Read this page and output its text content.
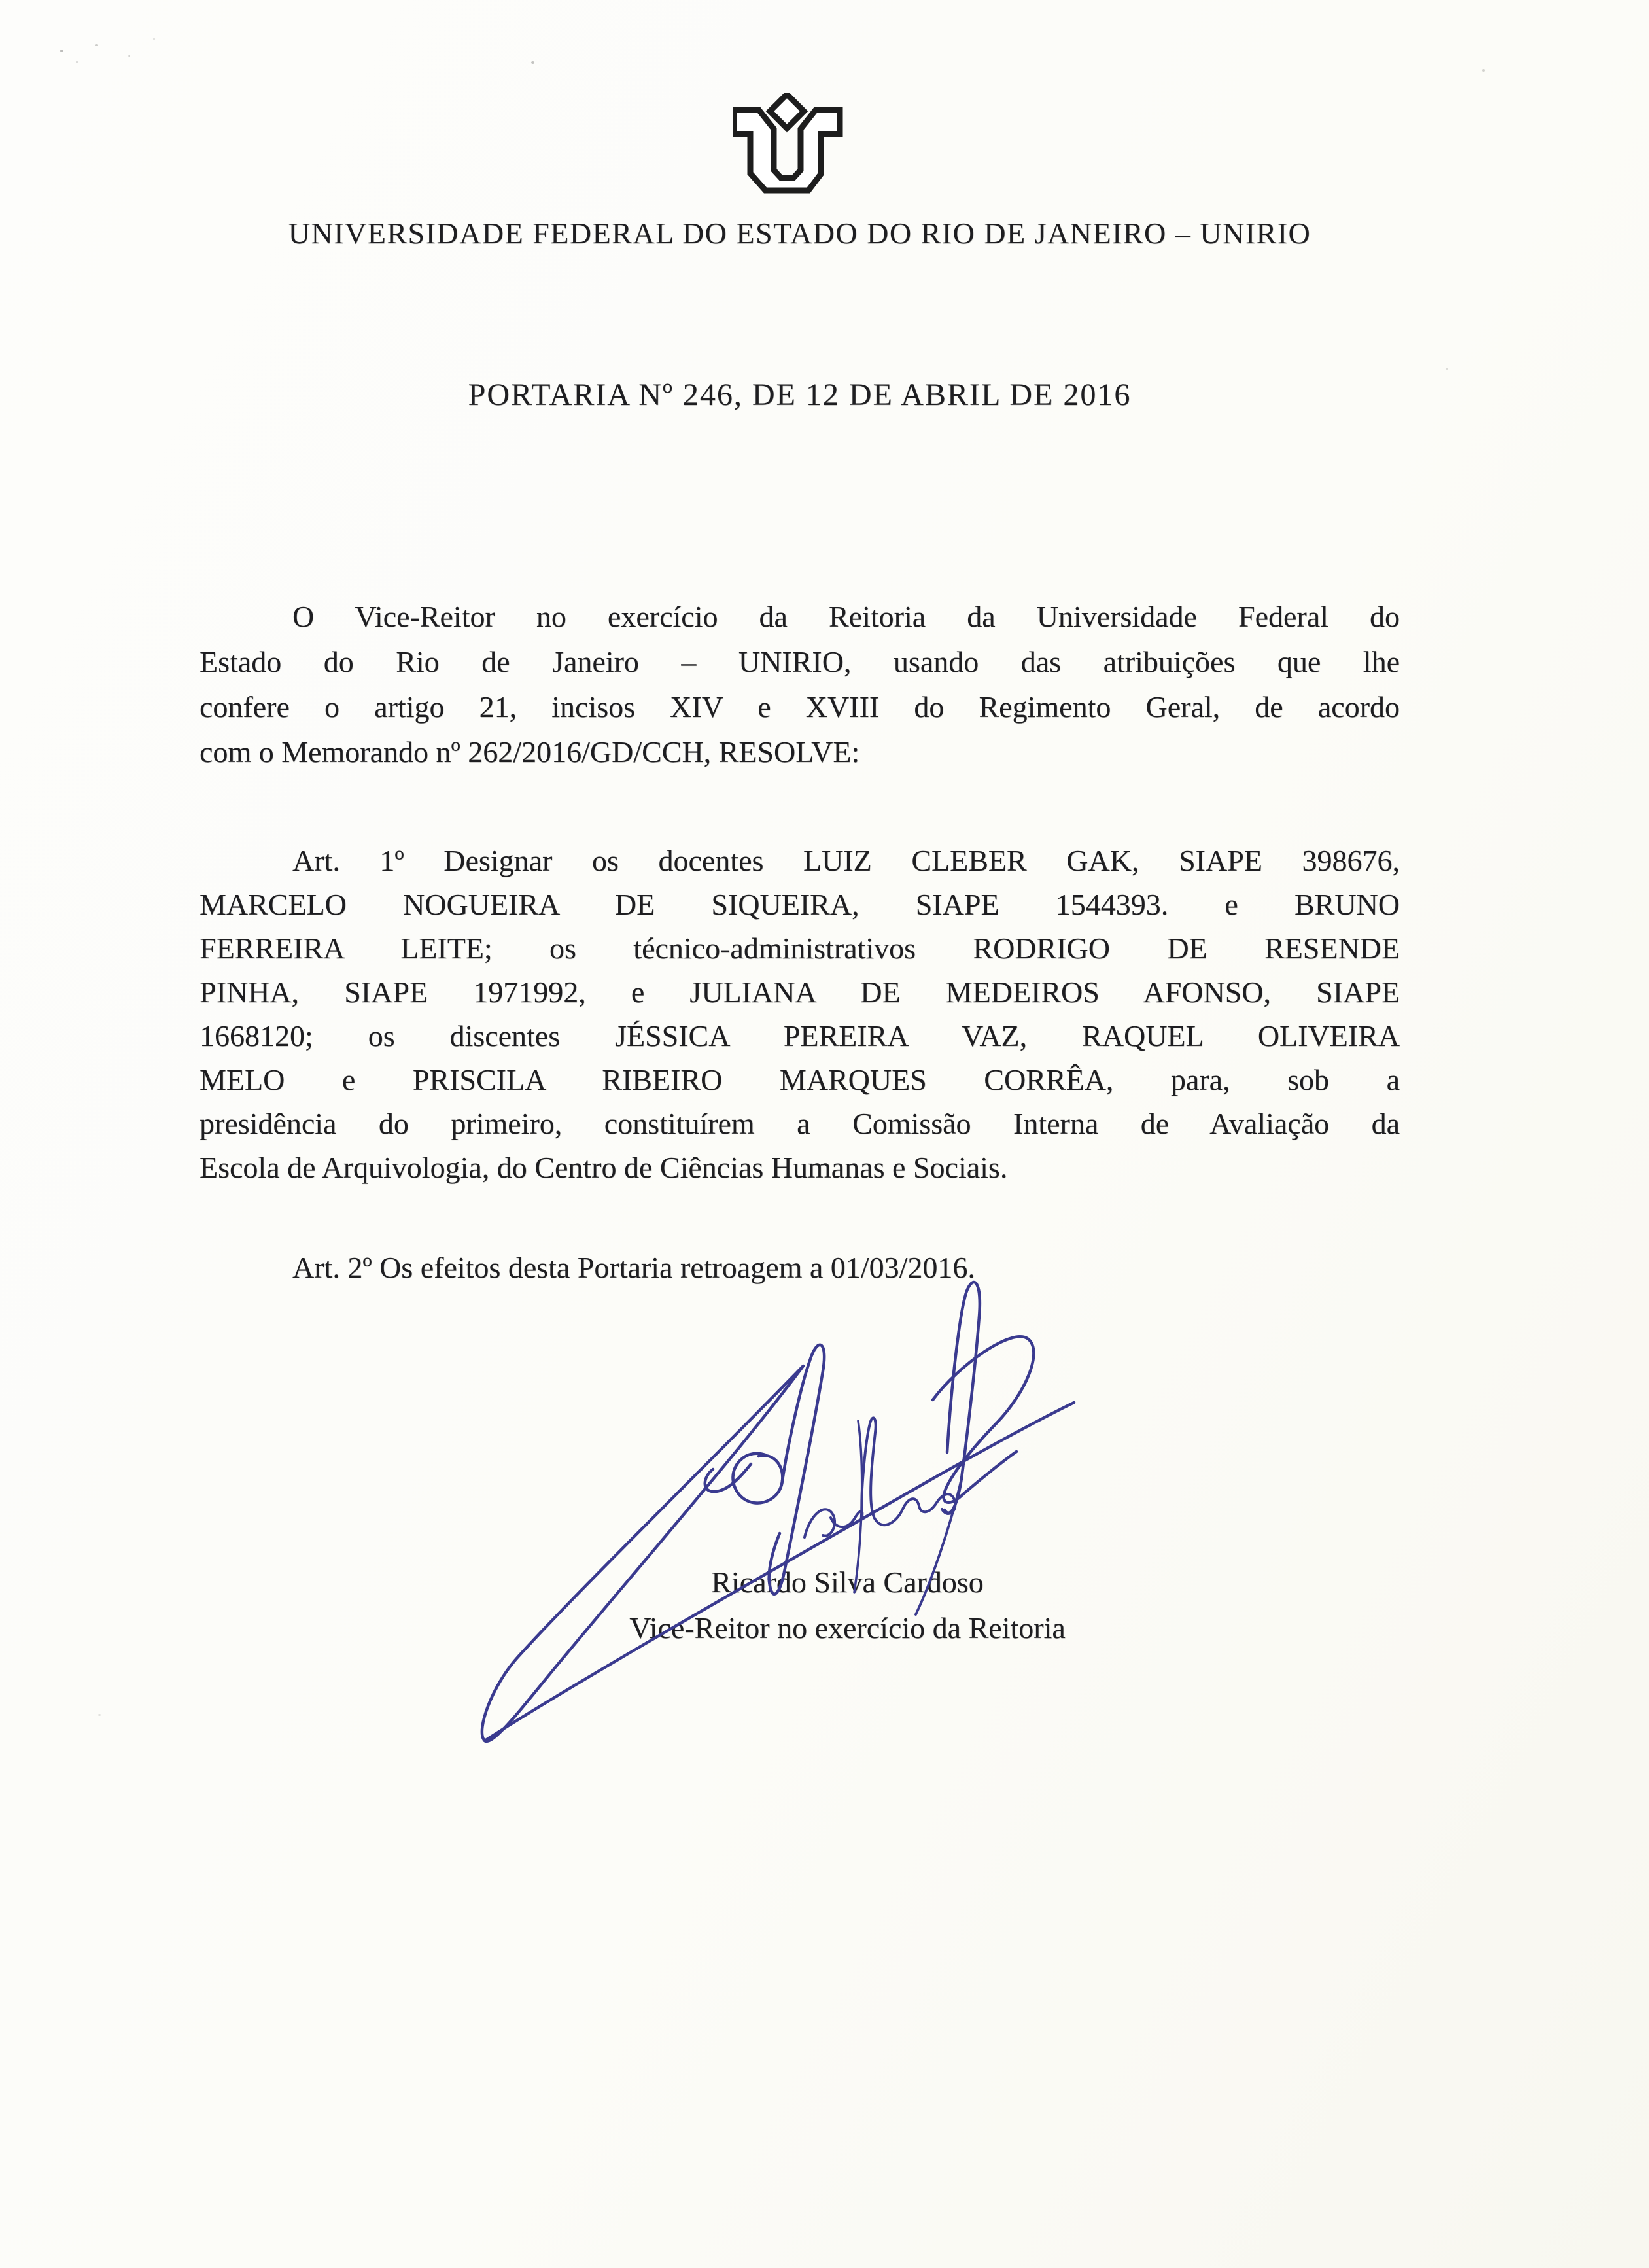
UNIVERSIDADE FEDERAL DO ESTADO DO RIO DE JANEIRO – UNIRIO
PORTARIA Nº 246, DE 12 DE ABRIL DE 2016
O Vice-Reitor no exercício da Reitoria da Universidade Federal do
Estado do Rio de Janeiro – UNIRIO, usando das atribuições que lhe
confere o artigo 21, incisos XIV e XVIII do Regimento Geral, de acordo
com o Memorando nº 262/2016/GD/CCH, RESOLVE:
Art. 1º Designar os docentes LUIZ CLEBER GAK, SIAPE 398676,
MARCELO NOGUEIRA DE SIQUEIRA, SIAPE 1544393. e BRUNO
FERREIRA LEITE; os técnico-administrativos RODRIGO DE RESENDE
PINHA, SIAPE 1971992, e JULIANA DE MEDEIROS AFONSO, SIAPE
1668120; os discentes JÉSSICA PEREIRA VAZ, RAQUEL OLIVEIRA
MELO e PRISCILA RIBEIRO MARQUES CORRÊA, para, sob a
presidência do primeiro, constituírem a Comissão Interna de Avaliação da
Escola de Arquivologia, do Centro de Ciências Humanas e Sociais.
Art. 2º Os efeitos desta Portaria retroagem a 01/03/2016.
Ricardo Silva Cardoso
Vice-Reitor no exercício da Reitoria
